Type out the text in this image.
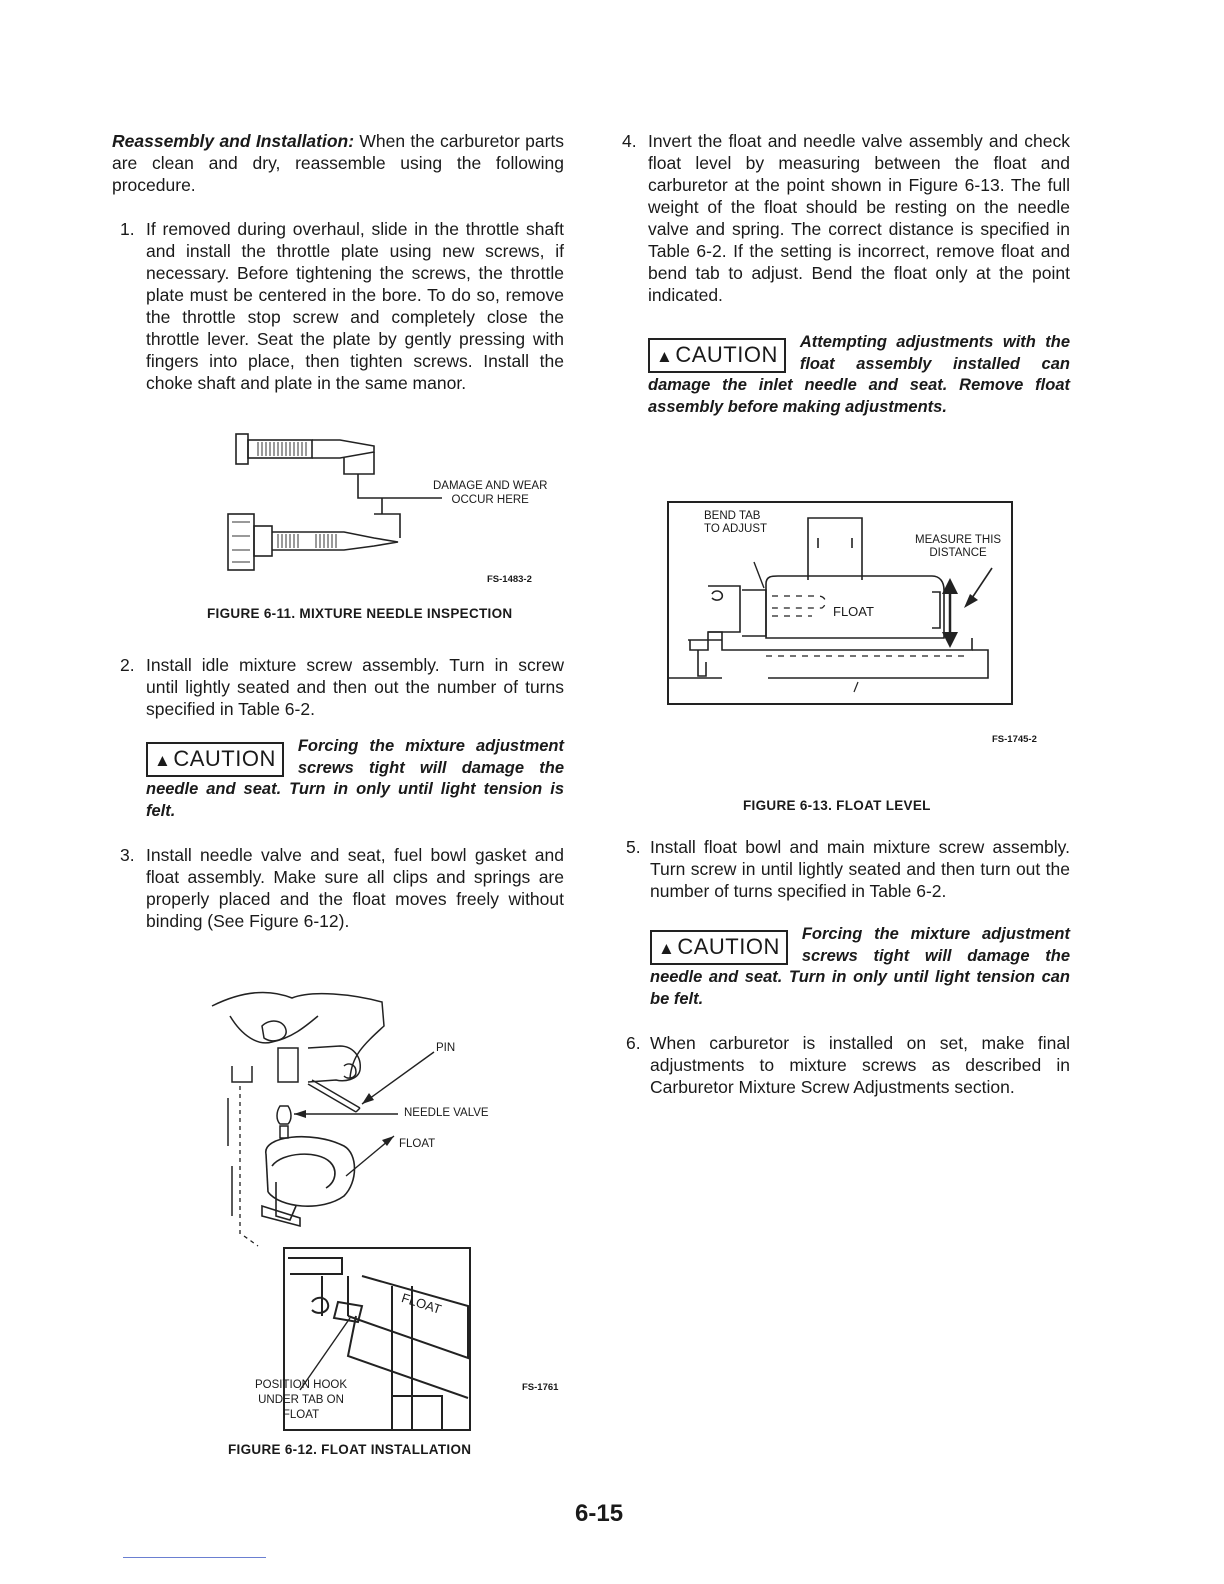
Reassembly and Installation: When the carburetor parts are clean and dry, reassemble using the following procedure.

1. If removed during overhaul, slide in the throttle shaft and install the throttle plate using new screws, if necessary. Before tightening the screws, the throttle plate must be centered in the bore. To do so, remove the throttle stop screw and completely close the throttle lever. Seat the plate by gently pressing with fingers into place, then tighten screws. Install the choke shaft and plate in the same manor.
DAMAGE AND WEAR
OCCUR HERE
FS-1483-2
FIGURE 6-11. MIXTURE NEEDLE INSPECTION
2. Install idle mixture screw assembly. Turn in screw until lightly seated and then out the number of turns specified in Table 6-2.
▲CAUTION	Forcing the mixture adjustment screws tight will damage the needle and seat. Turn in only until light tension is felt.
3. Install needle valve and seat, fuel bowl gasket and float assembly. Make sure all clips and springs are properly placed and the float moves freely without binding (See Figure 6-12).
PIN
NEEDLE VALVE
FLOAT
FLOAT
POSITION HOOK
UNDER TAB ON
FLOAT
FS-1761
FIGURE 6-12. FLOAT INSTALLATION
4. Invert the float and needle valve assembly and check float level by measuring between the float and carburetor at the point shown in Figure 6-13. The full weight of the float should be resting on the needle valve and spring. The correct distance is specified in Table 6-2. If the setting is incorrect, remove float and bend tab to adjust. Bend the float only at the point indicated.
▲CAUTION	Attempting adjustments with the float assembly installed can damage the inlet needle and seat. Remove float assembly before making adjustments.
BEND TAB
TO ADJUST
MEASURE THIS
DISTANCE
FLOAT
FS-1745-2
FIGURE 6-13. FLOAT LEVEL
5. Install float bowl and main mixture screw assembly. Turn screw in until lightly seated and then turn out the number of turns specified in Table 6-2.
▲CAUTION	Forcing the mixture adjustment screws tight will damage the needle and seat. Turn in only until light tension can be felt.
6. When carburetor is installed on set, make final adjustments to mixture screws as described in Carburetor Mixture Screw Adjustments section.
6-15
